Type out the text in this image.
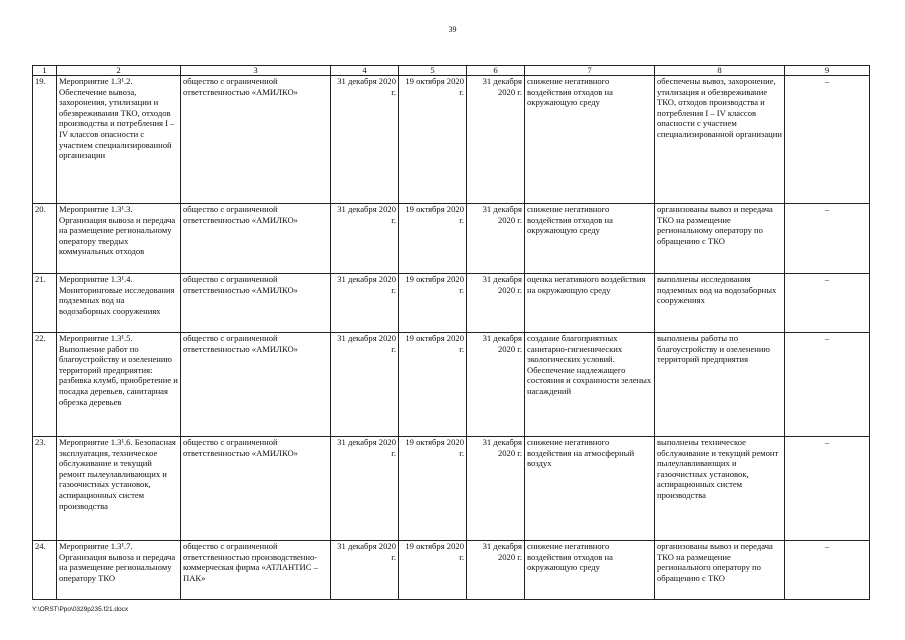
39
1	2	3	4	5	6	7	8	9
19.	Мероприятие 1.3¹.2. Обеспечение вывоза, захоронения, утилизации и обезвреживания ТКО, отходов производства и потребления I – IV классов опасности с участием специализированной организации	общество с ограниченной ответственностью «АМИЛКО»	31 декабря 2020 г.	19 октября 2020 г.	31 декабря 2020 г.	снижение негативного воздействия отходов на окружающую среду	обеспечены вывоз, захоронение, утилизация и обезвреживание ТКО, отходов производства и потребления I – IV классов опасности с участием специализированной организации	–
20.	Мероприятие 1.3¹.3. Организация вывоза и передача на размещение региональному оператору твердых коммунальных отходов	общество с ограниченной ответственностью «АМИЛКО»	31 декабря 2020 г.	19 октября 2020 г.	31 декабря 2020 г.	снижение негативного воздействия отходов на окружающую среду	организованы вывоз и передача ТКО на размещение региональному оператору по обращению с ТКО	–
21.	Мероприятие 1.3¹.4. Мониторинговые исследования подземных вод на водозаборных сооружениях	общество с ограниченной ответственностью «АМИЛКО»	31 декабря 2020 г.	19 октября 2020 г.	31 декабря 2020 г.	оценка негативного воздействия на окружающую среду	выполнены исследования подземных вод на водозаборных сооружениях	–
22.	Мероприятие 1.3¹.5. Выполнение работ по благоустройству и озеленению территорий предприятия: разбивка клумб, приобретение и посадка деревьев, санитарная обрезка деревьев	общество с ограниченной ответственностью «АМИЛКО»	31 декабря 2020 г.	19 октября 2020 г.	31 декабря 2020 г.	создание благоприятных санитарно-гигиенических экологических условий. Обеспечение надлежащего состояния и сохранности зеленых насаждений	выполнены работы по благоустройству и озеленению территорий предприятия	–
23.	Мероприятие 1.3¹.6. Безопасная эксплуатация, техническое обслуживание и текущий ремонт пылеулавливающих и газоочистных установок, аспирационных систем производства	общество с ограниченной ответственностью «АМИЛКО»	31 декабря 2020 г.	19 октября 2020 г.	31 декабря 2020 г.	снижение негативного воздействия на атмосферный воздух	выполнены техническое обслуживание и текущий ремонт пылеулавливающих и газоочистных установок, аспирационных систем производства	–
24.	Мероприятие 1.3¹.7. Организация вывоза и передача на размещение региональному оператору ТКО	общество с ограниченной ответственностью производственно-коммерческая фирма «АТЛАНТИС – ПАК»	31 декабря 2020 г.	19 октября 2020 г.	31 декабря 2020 г.	снижение негативного воздействия отходов на окружающую среду	организованы вывоз и передача ТКО на размещение регионального оператору по обращению с ТКО	–
Y:\ORST\Ppo\0329p235.f21.docx
